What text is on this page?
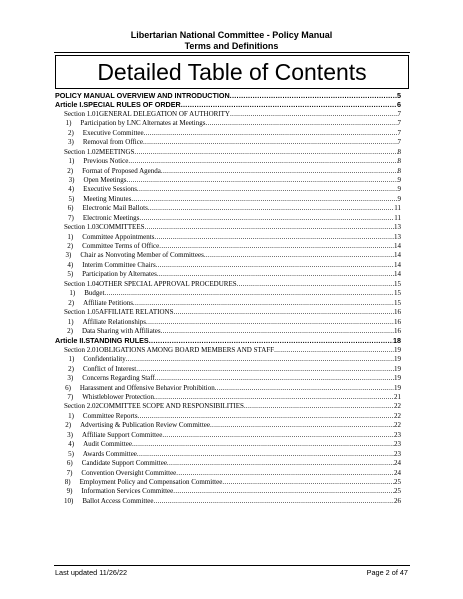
Libertarian National Committee - Policy Manual
Terms and Definitions
Detailed Table of Contents
POLICY MANUAL OVERVIEW AND INTRODUCTION .....	5
Article I. SPECIAL RULES OF ORDER .....	6
Section 1.01 GENERAL DELEGATION OF AUTHORITY .....	7
1)	Participation by LNC Alternates at Meetings .....	7
2)	Executive Committee .....	7
3)	Removal from Office .....	7
Section 1.02 MEETINGS .....	8
1)	Previous Notice .....	8
2)	Format of Proposed Agenda .....	8
3)	Open Meetings .....	9
4)	Executive Sessions .....	9
5)	Meeting Minutes .....	9
6)	Electronic Mail Ballots .....	11
7)	Electronic Meetings .....	11
Section 1.03 COMMITTEES .....	13
1)	Committee Appointments .....	13
2)	Committee Terms of Office .....	14
3)	Chair as Nonvoting Member of Committees .....	14
4)	Interim Committee Chairs .....	14
5)	Participation by Alternates .....	14
Section 1.04 OTHER SPECIAL APPROVAL PROCEDURES .....	15
1)	Budget .....	15
2)	Affiliate Petitions .....	15
Section 1.05 AFFILIATE RELATIONS .....	16
1)	Affiliate Relationships .....	16
2)	Data Sharing with Affiliates .....	16
Article II. STANDING RULES .....	18
Section 2.01 OBLIGATIONS AMONG BOARD MEMBERS AND STAFF .....	19
1)	Confidentiality .....	19
2)	Conflict of Interest .....	19
3)	Concerns Regarding Staff .....	19
6)	Harassment and Offensive Behavior Prohibition .....	19
7)	Whistleblower Protection .....	21
Section 2.02 COMMITTEE SCOPE AND RESPONSIBILITIES .....	22
1)	Committee Reports .....	22
2)	Advertising & Publication Review Committee .....	22
3)	Affiliate Support Committee .....	23
4)	Audit Committee .....	23
5)	Awards Committee .....	23
6)	Candidate Support Committee .....	24
7)	Convention Oversight Committee .....	24
8)	Employment Policy and Compensation Committee .....	25
9)	Information Services Committee .....	25
10)	Ballot Access Committee .....	26
Last updated 11/26/22	Page 2 of 47
